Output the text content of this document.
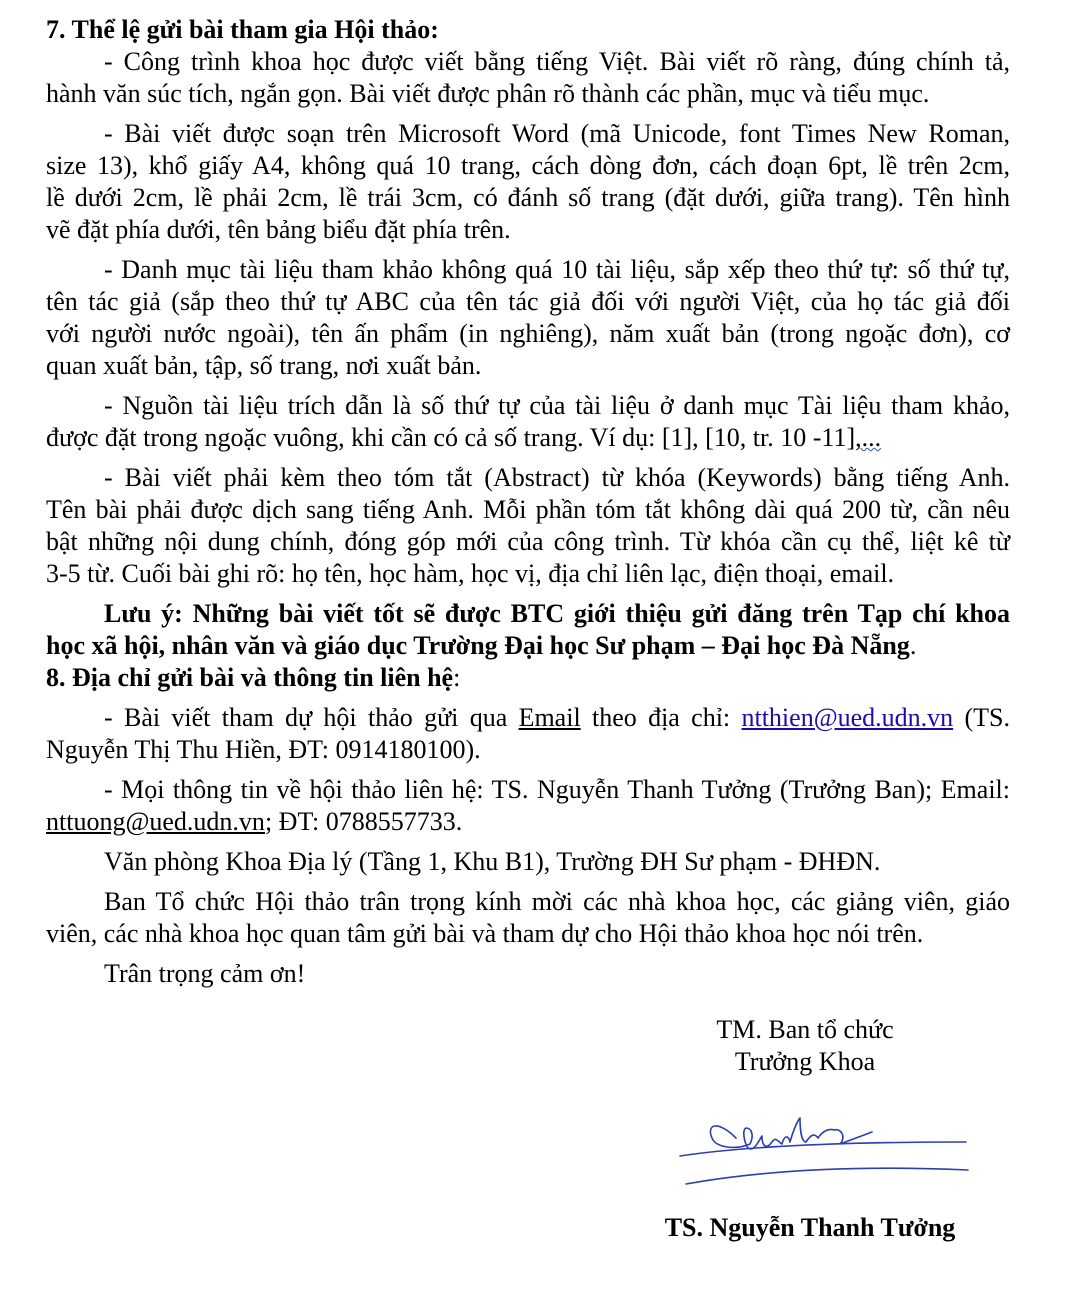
7. Thể lệ gửi bài tham gia Hội thảo:
- Công trình khoa học được viết bằng tiếng Việt. Bài viết rõ ràng, đúng chính tả,
hành văn súc tích, ngắn gọn. Bài viết được phân rõ thành các phần, mục và tiểu mục.
- Bài viết được soạn trên Microsoft Word (mã Unicode, font Times New Roman,
size 13), khổ giấy A4, không quá 10 trang, cách dòng đơn, cách đoạn 6pt, lề trên 2cm,
lề dưới 2cm, lề phải 2cm, lề trái 3cm, có đánh số trang (đặt dưới, giữa trang). Tên hình
vẽ đặt phía dưới, tên bảng biểu đặt phía trên.
- Danh mục tài liệu tham khảo không quá 10 tài liệu, sắp xếp theo thứ tự: số thứ tự,
tên tác giả (sắp theo thứ tự ABC của tên tác giả đối với người Việt, của họ tác giả đối
với người nước ngoài), tên ấn phẩm (in nghiêng), năm xuất bản (trong ngoặc đơn), cơ
quan xuất bản, tập, số trang, nơi xuất bản.
- Nguồn tài liệu trích dẫn là số thứ tự của tài liệu ở danh mục Tài liệu tham khảo,
được đặt trong ngoặc vuông, khi cần có cả số trang. Ví dụ: [1], [10, tr. 10 -11],...
- Bài viết phải kèm theo tóm tắt (Abstract) từ khóa (Keywords) bằng tiếng Anh.
Tên bài phải được dịch sang tiếng Anh. Mỗi phần tóm tắt không dài quá 200 từ, cần nêu
bật những nội dung chính, đóng góp mới của công trình. Từ khóa cần cụ thể, liệt kê từ
3-5 từ. Cuối bài ghi rõ: họ tên, học hàm, học vị, địa chỉ liên lạc, điện thoại, email.
Lưu ý: Những bài viết tốt sẽ được BTC giới thiệu gửi đăng trên Tạp chí khoa
học xã hội, nhân văn và giáo dục Trường Đại học Sư phạm – Đại học Đà Nẵng.
8. Địa chỉ gửi bài và thông tin liên hệ:
- Bài viết tham dự hội thảo gửi qua Email theo địa chỉ: ntthien@ued.udn.vn (TS.
Nguyễn Thị Thu Hiền, ĐT: 0914180100).
- Mọi thông tin về hội thảo liên hệ: TS. Nguyễn Thanh Tưởng (Trưởng Ban); Email:
nttuong@ued.udn.vn; ĐT: 0788557733.
Văn phòng Khoa Địa lý (Tầng 1, Khu B1), Trường ĐH Sư phạm - ĐHĐN.
Ban Tổ chức Hội thảo trân trọng kính mời các nhà khoa học, các giảng viên, giáo
viên, các nhà khoa học quan tâm gửi bài và tham dự cho Hội thảo khoa học nói trên.
Trân trọng cảm ơn!
TM. Ban tổ chức
Trưởng Khoa
TS. Nguyễn Thanh Tưởng
